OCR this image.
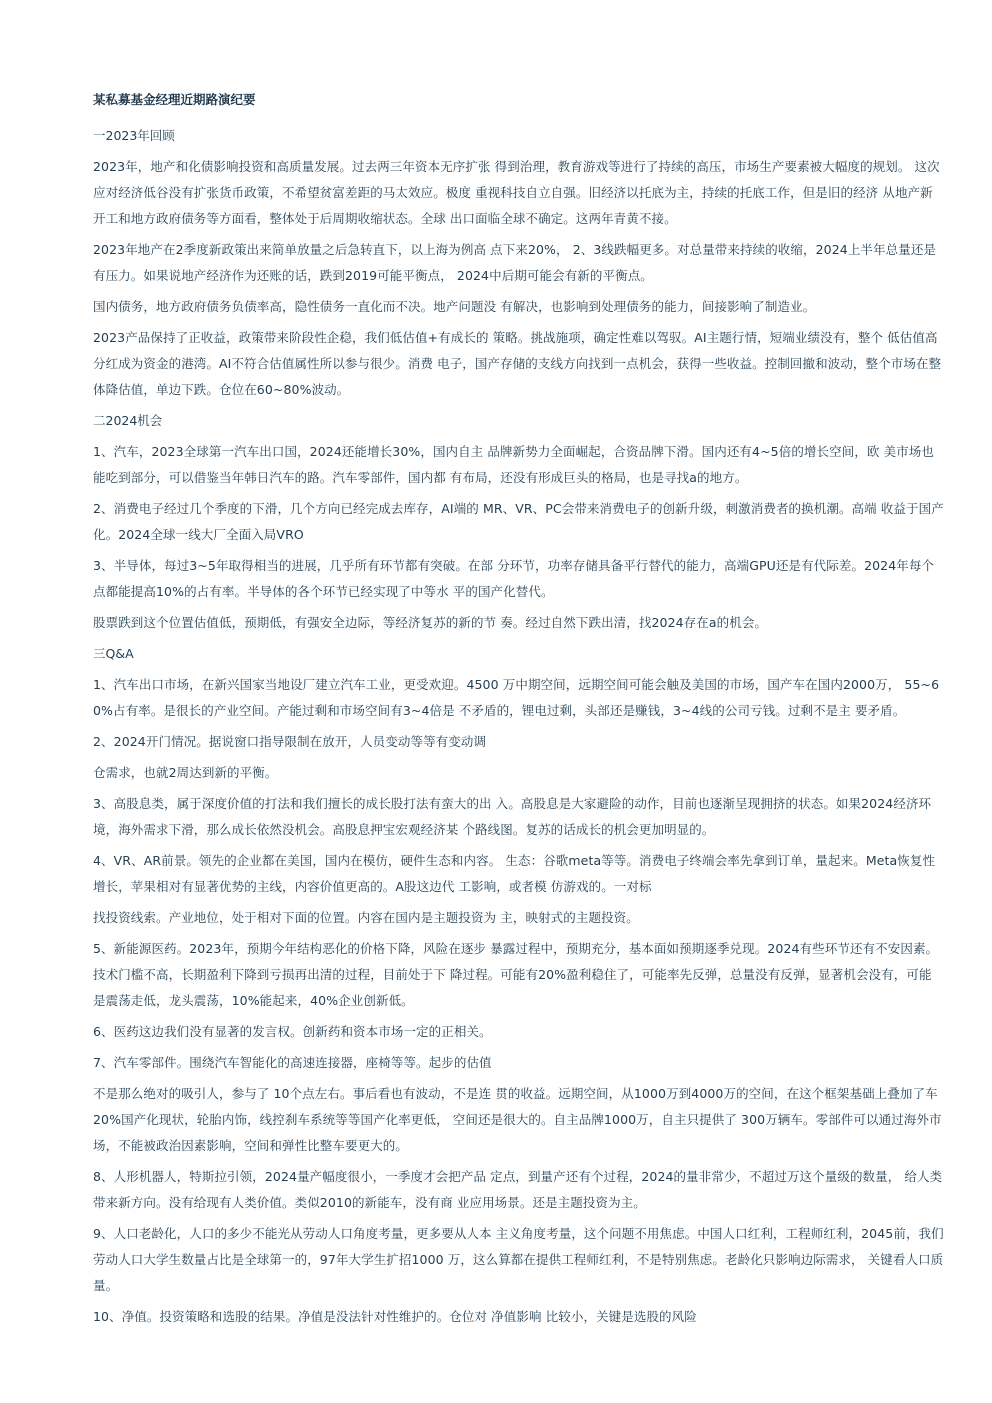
某私募基金经理近期路演纪要
一2023年回顾
2023年，地产和化债影响投资和高质量发展。过去两三年资本无序扩张 得到治理，教育游戏等进行了持续的高压，市场生产要素被大幅度的规划。 这次应对经济低谷没有扩张货币政策，不希望贫富差距的马太效应。极度 重视科技自立自强。旧经济以托底为主，持续的托底工作，但是旧的经济 从地产新开工和地方政府债务等方面看，整体处于后周期收缩状态。全球 出口面临全球不确定。这两年青黄不接。
2023年地产在2季度新政策出来简单放量之后急转直下，以上海为例高 点下来20%， 2、3线跌幅更多。对总量带来持续的收缩，2024上半年总量还是有压力。如果说地产经济作为还账的话，跌到2019可能平衡点， 2024中后期可能会有新的平衡点。
国内债务，地方政府债务负债率高，隐性债务一直化而不决。地产问题没 有解决，也影响到处理债务的能力，间接影响了制造业。
2023产品保持了正收益，政策带来阶段性企稳，我们低估值+有成长的 策略。挑战施项，确定性难以驾驭。AI主题行情，短端业绩没有，整个 低估值高分红成为资金的港湾。AI不符合估值属性所以参与很少。消费 电子，国产存储的支线方向找到一点机会，获得一些收益。控制回撤和波动，整个市场在整体降估值，单边下跌。仓位在60~80%波动。
二2024机会
1、汽车，2023全球第一汽车出口国，2024还能增长30%，国内自主 品牌新势力全面崛起，合资品牌下滑。国内还有4~5倍的增长空间，欧 美市场也能吃到部分，可以借鉴当年韩日汽车的路。汽车零部件，国内都 有布局，还没有形成巨头的格局，也是寻找a的地方。
2、消费电子经过几个季度的下滑，几个方向已经完成去库存，AI端的 MR、VR、PC会带来消费电子的创新升级，刺激消费者的换机潮。高端 收益于国产化。2024全球一线大厂全面入局VRO
3、半导体，每过3~5年取得相当的进展，几乎所有环节都有突破。在部 分环节，功率存储具备平行替代的能力，高端GPU还是有代际差。2024年每个点都能提高10%的占有率。半导体的各个环节已经实现了中等水 平的国产化替代。
股票跌到这个位置估值低，预期低，有强安全边际，等经济复苏的新的节 奏。经过自然下跌出清，找2024存在a的机会。
三Q&A
1、汽车出口市场，在新兴国家当地设厂建立汽车工业，更受欢迎。4500 万中期空间，远期空间可能会触及美国的市场，国产车在国内2000万， 55~60%占有率。是很长的产业空间。产能过剩和市场空间有3~4倍是 不矛盾的，锂电过剩，头部还是赚钱，3~4线的公司亏钱。过剩不是主 要矛盾。
2、2024开门情况。据说窗口指导限制在放开，人员变动等等有变动调
仓需求，也就2周达到新的平衡。
3、高股息类，属于深度价值的打法和我们擅长的成长股打法有蛮大的出 入。高股息是大家避险的动作，目前也逐渐呈现拥挤的状态。如果2024经济环境，海外需求下滑，那么成长依然没机会。高股息押宝宏观经济某 个路线图。复苏的话成长的机会更加明显的。
4、VR、AR前景。领先的企业都在美国，国内在模仿，硬件生态和内容。 生态：谷歌meta等等。消费电子终端会率先拿到订单，量起来。Meta恢复性增长，苹果相对有显著优势的主线，内容价值更高的。A股这边代 工影响，或者模 仿游戏的。一对标
找投资线索。产业地位，处于相对下面的位置。内容在国内是主题投资为 主，映射式的主题投资。
5、新能源医药。2023年，预期今年结构恶化的价格下降，风险在逐步 暴露过程中，预期充分，基本面如预期逐季兑现。2024有些环节还有不安因素。技术门槛不高，长期盈利下降到亏损再出清的过程，目前处于下 降过程。可能有20%盈利稳住了，可能率先反弹，总量没有反弹，显著机会没有，可能是震荡走低，龙头震荡，10%能起来，40%企业创新低。
6、医药这边我们没有显著的发言权。创新药和资本市场一定的正相关。
7、汽车零部件。围绕汽车智能化的高速连接器，座椅等等。起步的估值
不是那么绝对的吸引人，参与了 10个点左右。事后看也有波动，不是连 贯的收益。远期空间，从1000万到4000万的空间，在这个框架基础上叠加了车20%国产化现状，轮胎内饰，线控刹车系统等等国产化率更低， 空间还是很大的。自主品牌1000万，自主只提供了 300万辆车。零部件可以通过海外市场，不能被政治因素影响，空间和弹性比整车要更大的。
8、人形机器人，特斯拉引领，2024量产幅度很小，一季度才会把产品 定点，到量产还有个过程，2024的量非常少，不超过万这个量级的数量， 给人类带来新方向。没有给现有人类价值。类似2010的新能车，没有商 业应用场景。还是主题投资为主。
9、人口老龄化，人口的多少不能光从劳动人口角度考量，更多要从人本 主义角度考量，这个问题不用焦虑。中国人口红利，工程师红利，2045前，我们劳动人口大学生数量占比是全球第一的，97年大学生扩招1000 万，这么算都在提供工程师红利，不是特别焦虑。老龄化只影响边际需求， 关键看人口质量。
10、净值。投资策略和选股的结果。净值是没法针对性维护的。仓位对 净值影响 比较小，关键是选股的风险
